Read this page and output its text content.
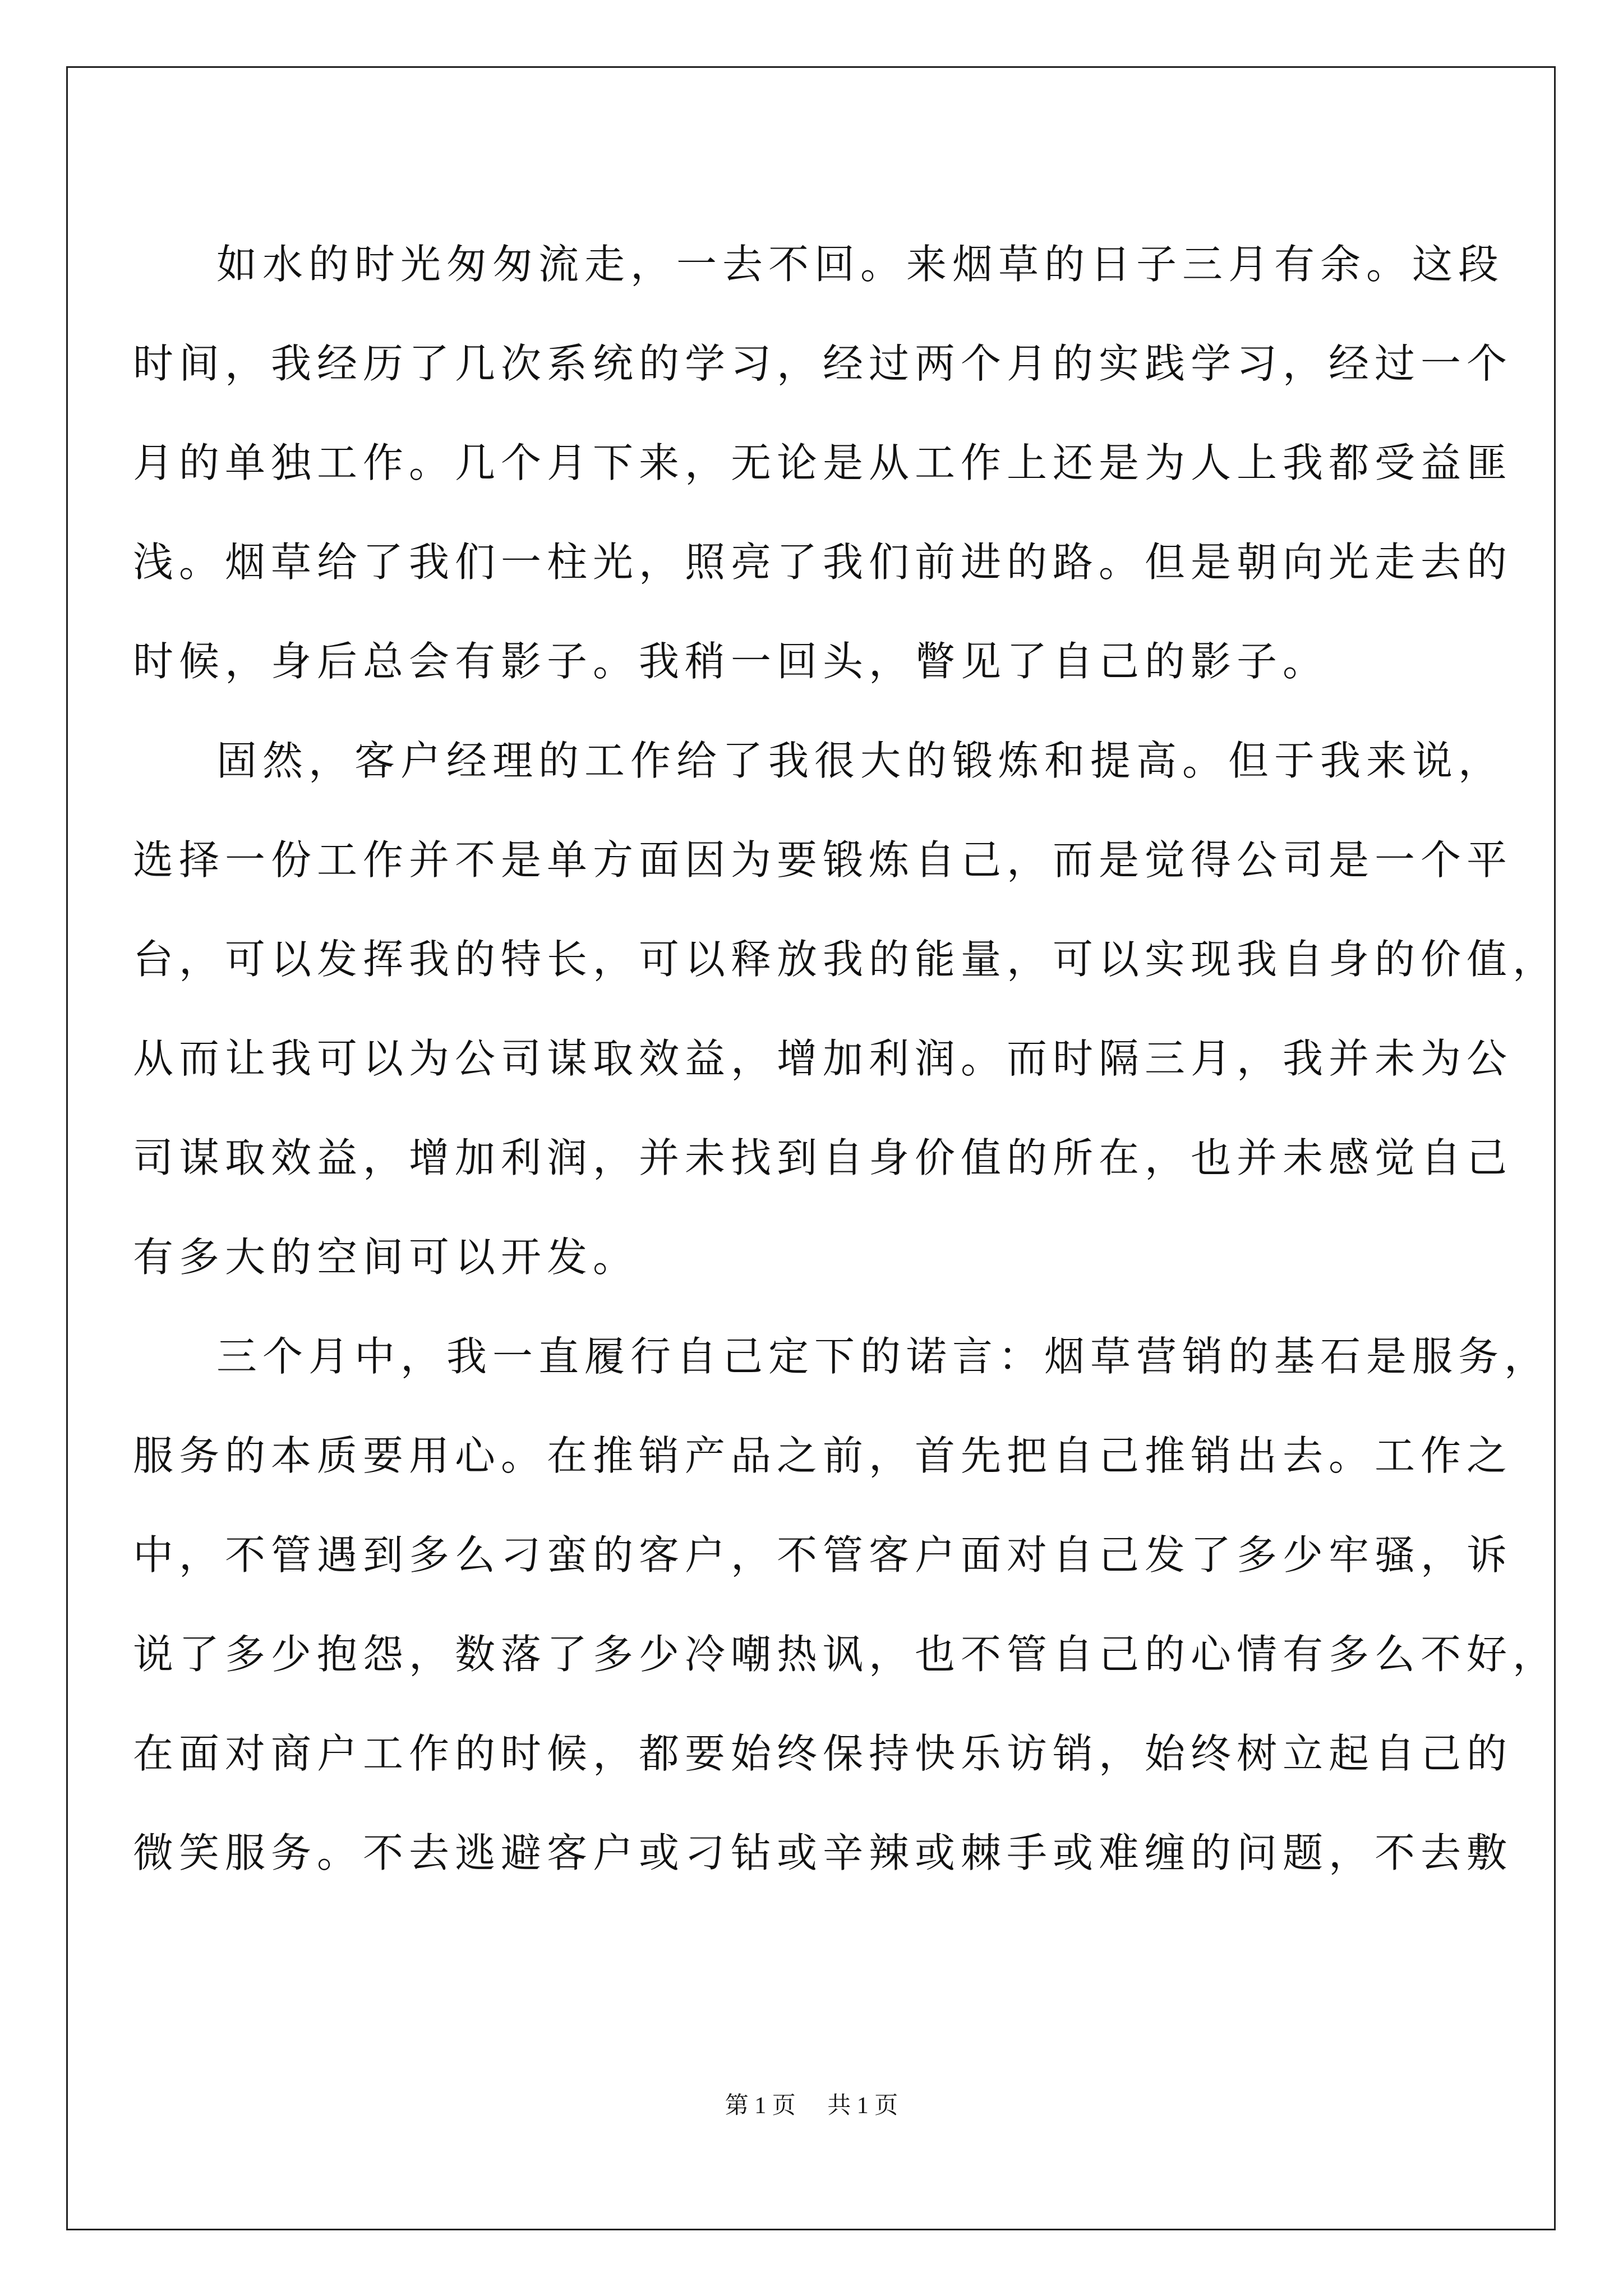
如水的时光匆匆流走，一去不回。来烟草的日子三月有余。这段
时间，我经历了几次系统的学习，经过两个月的实践学习，经过一个
月的单独工作。几个月下来，无论是从工作上还是为人上我都受益匪
浅。烟草给了我们一柱光，照亮了我们前进的路。但是朝向光走去的
时候，身后总会有影子。我稍一回头，瞥见了自己的影子。
固然，客户经理的工作给了我很大的锻炼和提高。但于我来说，
选择一份工作并不是单方面因为要锻炼自己，而是觉得公司是一个平
台，可以发挥我的特长，可以释放我的能量，可以实现我自身的价值，
从而让我可以为公司谋取效益，增加利润。而时隔三月，我并未为公
司谋取效益，增加利润，并未找到自身价值的所在，也并未感觉自己
有多大的空间可以开发。
三个月中，我一直履行自己定下的诺言：烟草营销的基石是服务，
服务的本质要用心。在推销产品之前，首先把自己推销出去。工作之
中，不管遇到多么刁蛮的客户，不管客户面对自己发了多少牢骚，诉
说了多少抱怨，数落了多少冷嘲热讽，也不管自己的心情有多么不好，
在面对商户工作的时候，都要始终保持快乐访销，始终树立起自己的
微笑服务。不去逃避客户或刁钻或辛辣或棘手或难缠的问题，不去敷
第 1 页 共 1 页
